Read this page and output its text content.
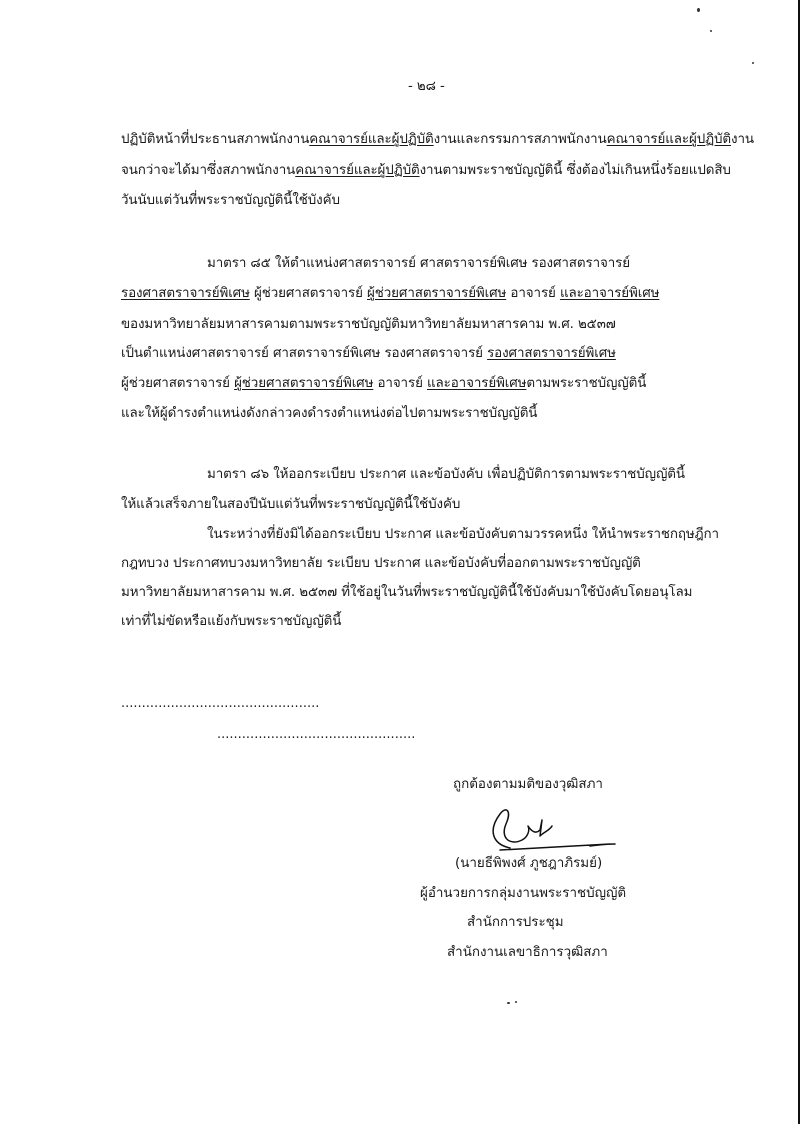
- ๒๘ -
ปฏิบัติหน้าที่ประธานสภาพนักงานคณาจารย์และผู้ปฏิบัติงานและกรรมการสภาพนักงานคณาจารย์และผู้ปฏิบัติงาน
จนกว่าจะได้มาซึ่งสภาพนักงานคณาจารย์และผู้ปฏิบัติงานตามพระราชบัญญัตินี้ ซึ่งต้องไม่เกินหนึ่งร้อยแปดสิบ
วันนับแต่วันที่พระราชบัญญัตินี้ใช้บังคับ
มาตรา ๘๕ ให้ตำแหน่งศาสตราจารย์ ศาสตราจารย์พิเศษ รองศาสตราจารย์
รองศาสตราจารย์พิเศษ ผู้ช่วยศาสตราจารย์ ผู้ช่วยศาสตราจารย์พิเศษ อาจารย์ และอาจารย์พิเศษ
ของมหาวิทยาลัยมหาสารคามตามพระราชบัญญัติมหาวิทยาลัยมหาสารคาม พ.ศ. ๒๕๓๗
เป็นตำแหน่งศาสตราจารย์ ศาสตราจารย์พิเศษ รองศาสตราจารย์ รองศาสตราจารย์พิเศษ
ผู้ช่วยศาสตราจารย์ ผู้ช่วยศาสตราจารย์พิเศษ อาจารย์ และอาจารย์พิเศษตามพระราชบัญญัตินี้
และให้ผู้ดำรงตำแหน่งดังกล่าวคงดำรงตำแหน่งต่อไปตามพระราชบัญญัตินี้
มาตรา ๘๖ ให้ออกระเบียบ ประกาศ และข้อบังคับ เพื่อปฏิบัติการตามพระราชบัญญัตินี้
ให้แล้วเสร็จภายในสองปีนับแต่วันที่พระราชบัญญัตินี้ใช้บังคับ
ในระหว่างที่ยังมิได้ออกระเบียบ ประกาศ และข้อบังคับตามวรรคหนึ่ง ให้นำพระราชกฤษฎีกา
กฎทบวง ประกาศทบวงมหาวิทยาลัย ระเบียบ ประกาศ และข้อบังคับที่ออกตามพระราชบัญญัติ
มหาวิทยาลัยมหาสารคาม พ.ศ. ๒๕๓๗ ที่ใช้อยู่ในวันที่พระราชบัญญัตินี้ใช้บังคับมาใช้บังคับโดยอนุโลม
เท่าที่ไม่ขัดหรือแย้งกับพระราชบัญญัตินี้
................................................
................................................
ถูกต้องตามมติของวุฒิสภา
(นายธีพิพงศ์ ภูชฎาภิรมย์)
ผู้อำนวยการกลุ่มงานพระราชบัญญัติ
สำนักการประชุม
สำนักงานเลขาธิการวุฒิสภา
